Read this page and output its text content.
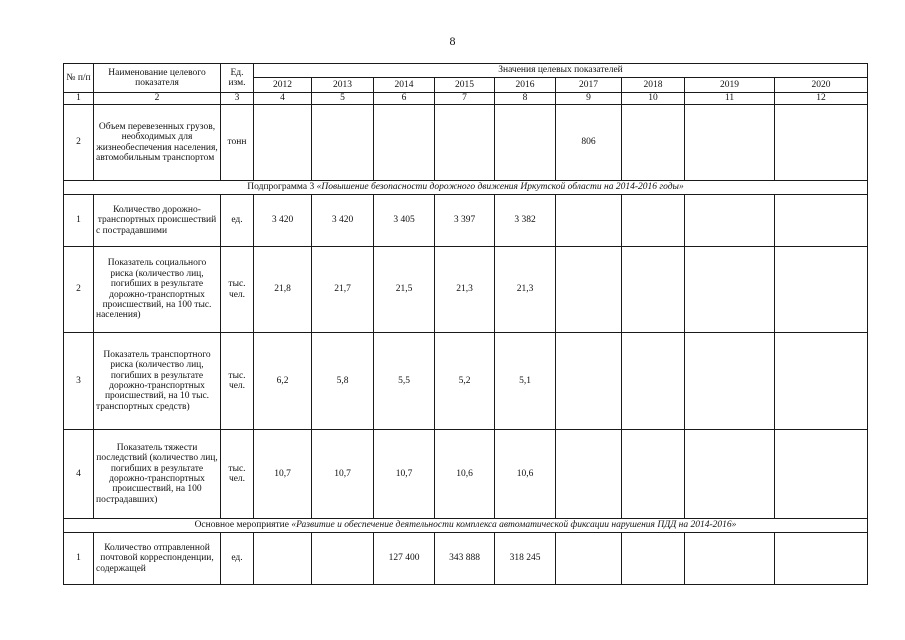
8
№ п/п	Наименование целевого показателя	Ед. изм.	Значения целевых показателей								
			2012	2013	2014	2015	2016	2017	2018	2019	2020
1	2	3	4	5	6	7	8	9	10	11	12
2	Объем перевезенных грузов, необходимых для жизнеобеспечения населения, автомобильным транспортом	тонн						806			
Подпрограмма 3 «Повышение безопасности дорожного движения Иркутской области на 2014-2016 годы»											
1	Количество дорожно-транспортных происшествий с пострадавшими	ед.	3 420	3 420	3 405	3 397	3 382				
2	Показатель социального риска (количество лиц, погибших в результате дорожно-транспортных происшествий, на 100 тыс. населения)	тыс. чел.	21,8	21,7	21,5	21,3	21,3				
3	Показатель транспортного риска (количество лиц, погибших в результате дорожно-транспортных происшествий, на 10 тыс. транспортных средств)	тыс. чел.	6,2	5,8	5,5	5,2	5,1				
4	Показатель тяжести последствий (количество лиц, погибших в результате дорожно-транспортных происшествий, на 100 пострадавших)	тыс. чел.	10,7	10,7	10,7	10,6	10,6				
Основное мероприятие «Развитие и обеспечение деятельности комплекса автоматической фиксации нарушения ПДД на 2014-2016»											
1	Количество отправленной почтовой корреспонденции, содержащей	ед.			127 400	343 888	318 245				
